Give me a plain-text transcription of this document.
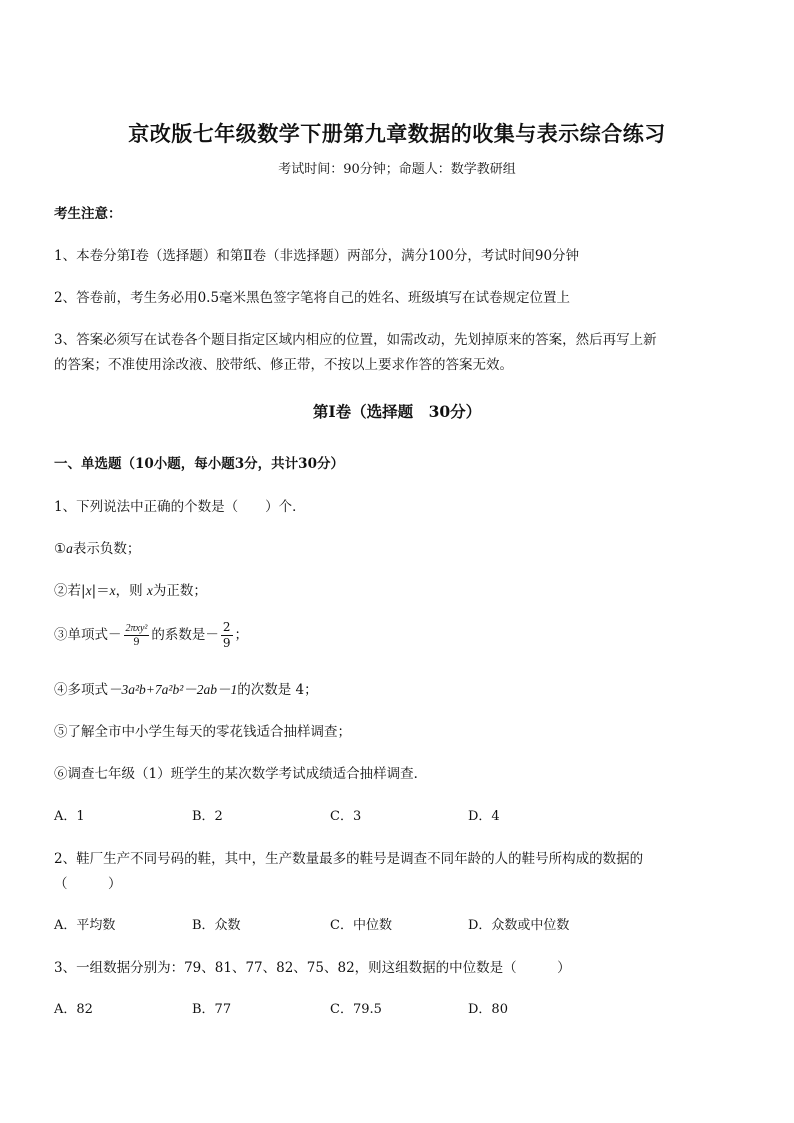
京改版七年级数学下册第九章数据的收集与表示综合练习
考试时间：90分钟；命题人：数学教研组
考生注意：
1、本卷分第Ⅰ卷（选择题）和第Ⅱ卷（非选择题）两部分，满分100分，考试时间90分钟
2、答卷前，考生务必用0.5毫米黑色签字笔将自己的姓名、班级填写在试卷规定位置上
3、答案必须写在试卷各个题目指定区域内相应的位置，如需改动，先划掉原来的答案，然后再写上新
的答案；不准使用涂改液、胶带纸、修正带，不按以上要求作答的答案无效。
第Ⅰ卷（选择题　30分）
一、单选题（10小题，每小题3分，共计30分）
1、下列说法中正确的个数是（　　）个．
①a表示负数；
②若|x|＝x，则 x为正数；
③单项式－ $\frac{\text{2πxy²}}{9}$ 的系数是－ $\frac{2}{9}$ ；
④多项式－3a²b+7a²b²－2ab－1的次数是 4；
⑤了解全市中小学生每天的零花钱适合抽样调查；
⑥调查七年级（1）班学生的某次数学考试成绩适合抽样调查．
A．1	B．2	C．3	D．4
2、鞋厂生产不同号码的鞋，其中，生产数量最多的鞋号是调查不同年龄的人的鞋号所构成的数据的
（　　　）
A．平均数	B．众数	C．中位数	D．众数或中位数
3、一组数据分别为：79、81、77、82、75、82，则这组数据的中位数是（　　　）
A．82	B．77	C．79.5	D．80
